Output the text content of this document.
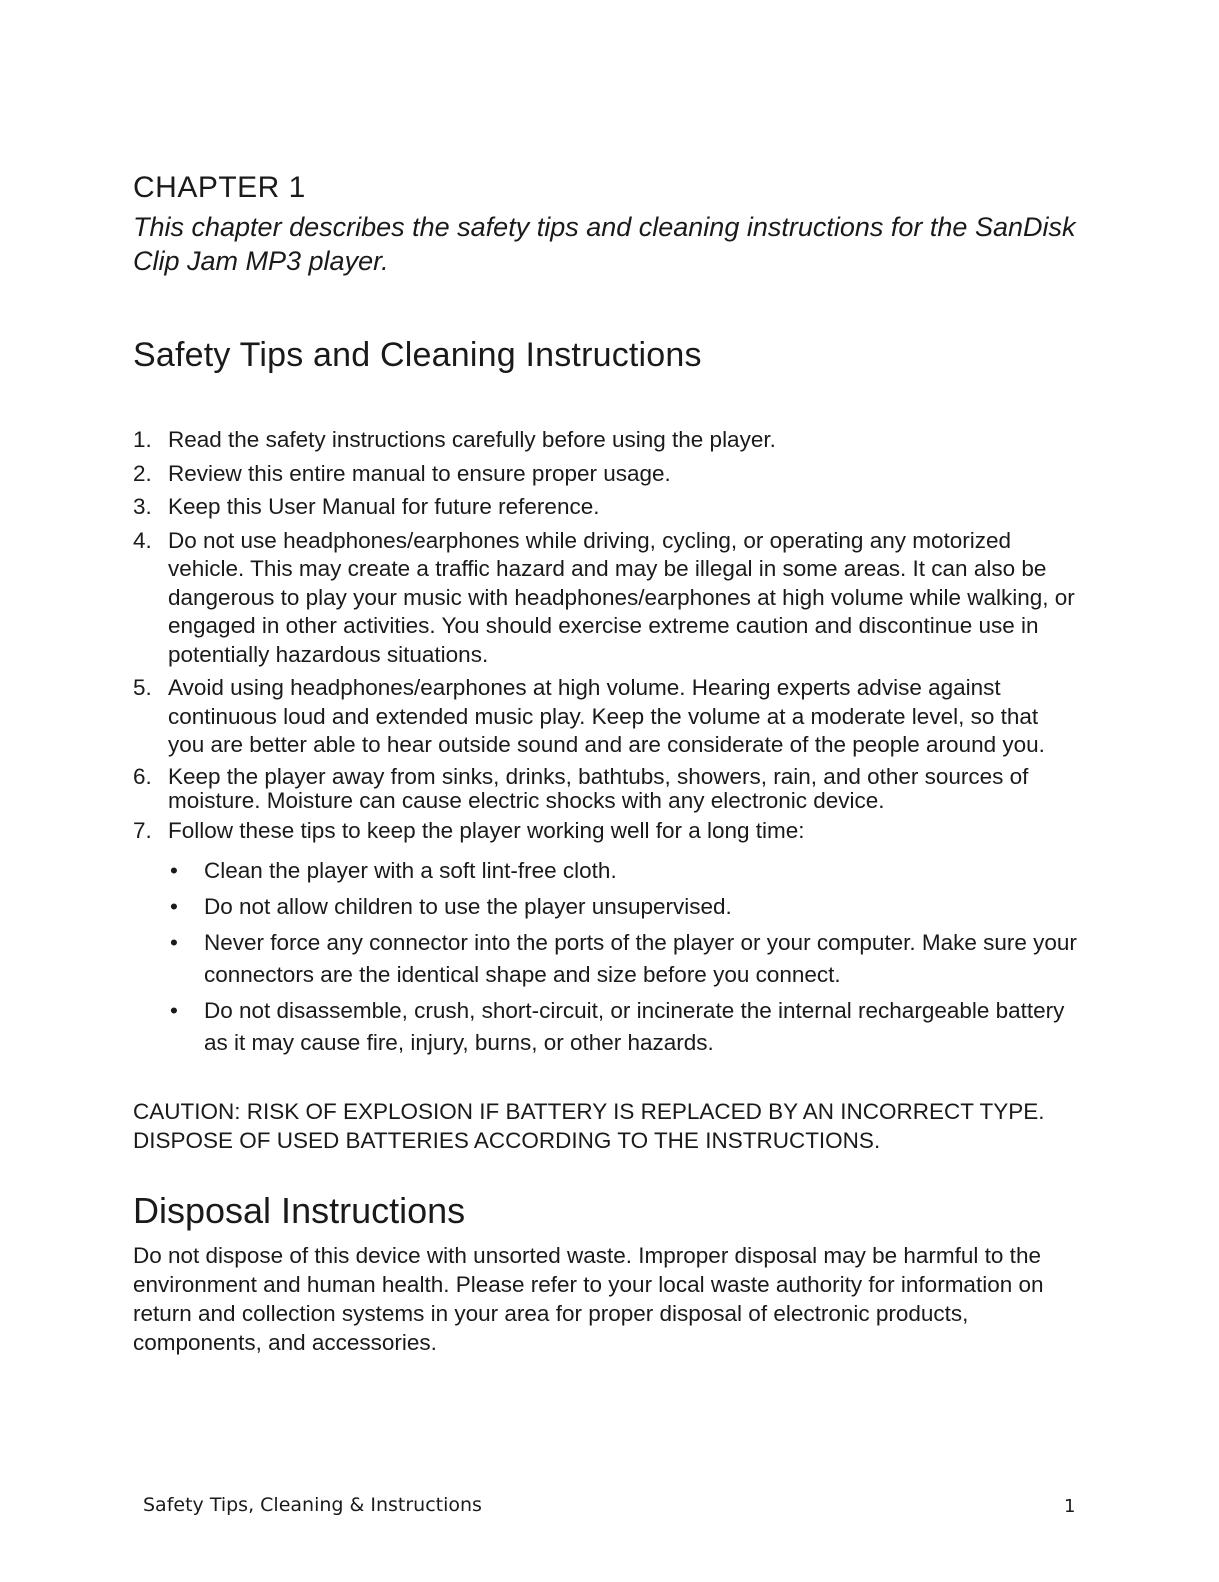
CHAPTER 1

This chapter describes the safety tips and cleaning instructions for the SanDisk Clip Jam MP3 player.

Safety Tips and Cleaning Instructions
1. Read the safety instructions carefully before using the player.
2. Review this entire manual to ensure proper usage.
3. Keep this User Manual for future reference.
4. Do not use headphones/earphones while driving, cycling, or operating any motorized vehicle. This may create a traffic hazard and may be illegal in some areas. It can also be dangerous to play your music with headphones/earphones at high volume while walking, or engaged in other activities. You should exercise extreme caution and discontinue use in potentially hazardous situations.
5. Avoid using headphones/earphones at high volume. Hearing experts advise against continuous loud and extended music play. Keep the volume at a moderate level, so that you are better able to hear outside sound and are considerate of the people around you.
6. Keep the player away from sinks, drinks, bathtubs, showers, rain, and other sources of moisture. Moisture can cause electric shocks with any electronic device.
7. Follow these tips to keep the player working well for a long time:
• Clean the player with a soft lint-free cloth.
• Do not allow children to use the player unsupervised.
• Never force any connector into the ports of the player or your computer. Make sure your connectors are the identical shape and size before you connect.
• Do not disassemble, crush, short-circuit, or incinerate the internal rechargeable battery as it may cause fire, injury, burns, or other hazards.

CAUTION: RISK OF EXPLOSION IF BATTERY IS REPLACED BY AN INCORRECT TYPE. DISPOSE OF USED BATTERIES ACCORDING TO THE INSTRUCTIONS.

Disposal Instructions

Do not dispose of this device with unsorted waste. Improper disposal may be harmful to the environment and human health. Please refer to your local waste authority for information on return and collection systems in your area for proper disposal of electronic products, components, and accessories.

Safety Tips, Cleaning & Instructions	1
